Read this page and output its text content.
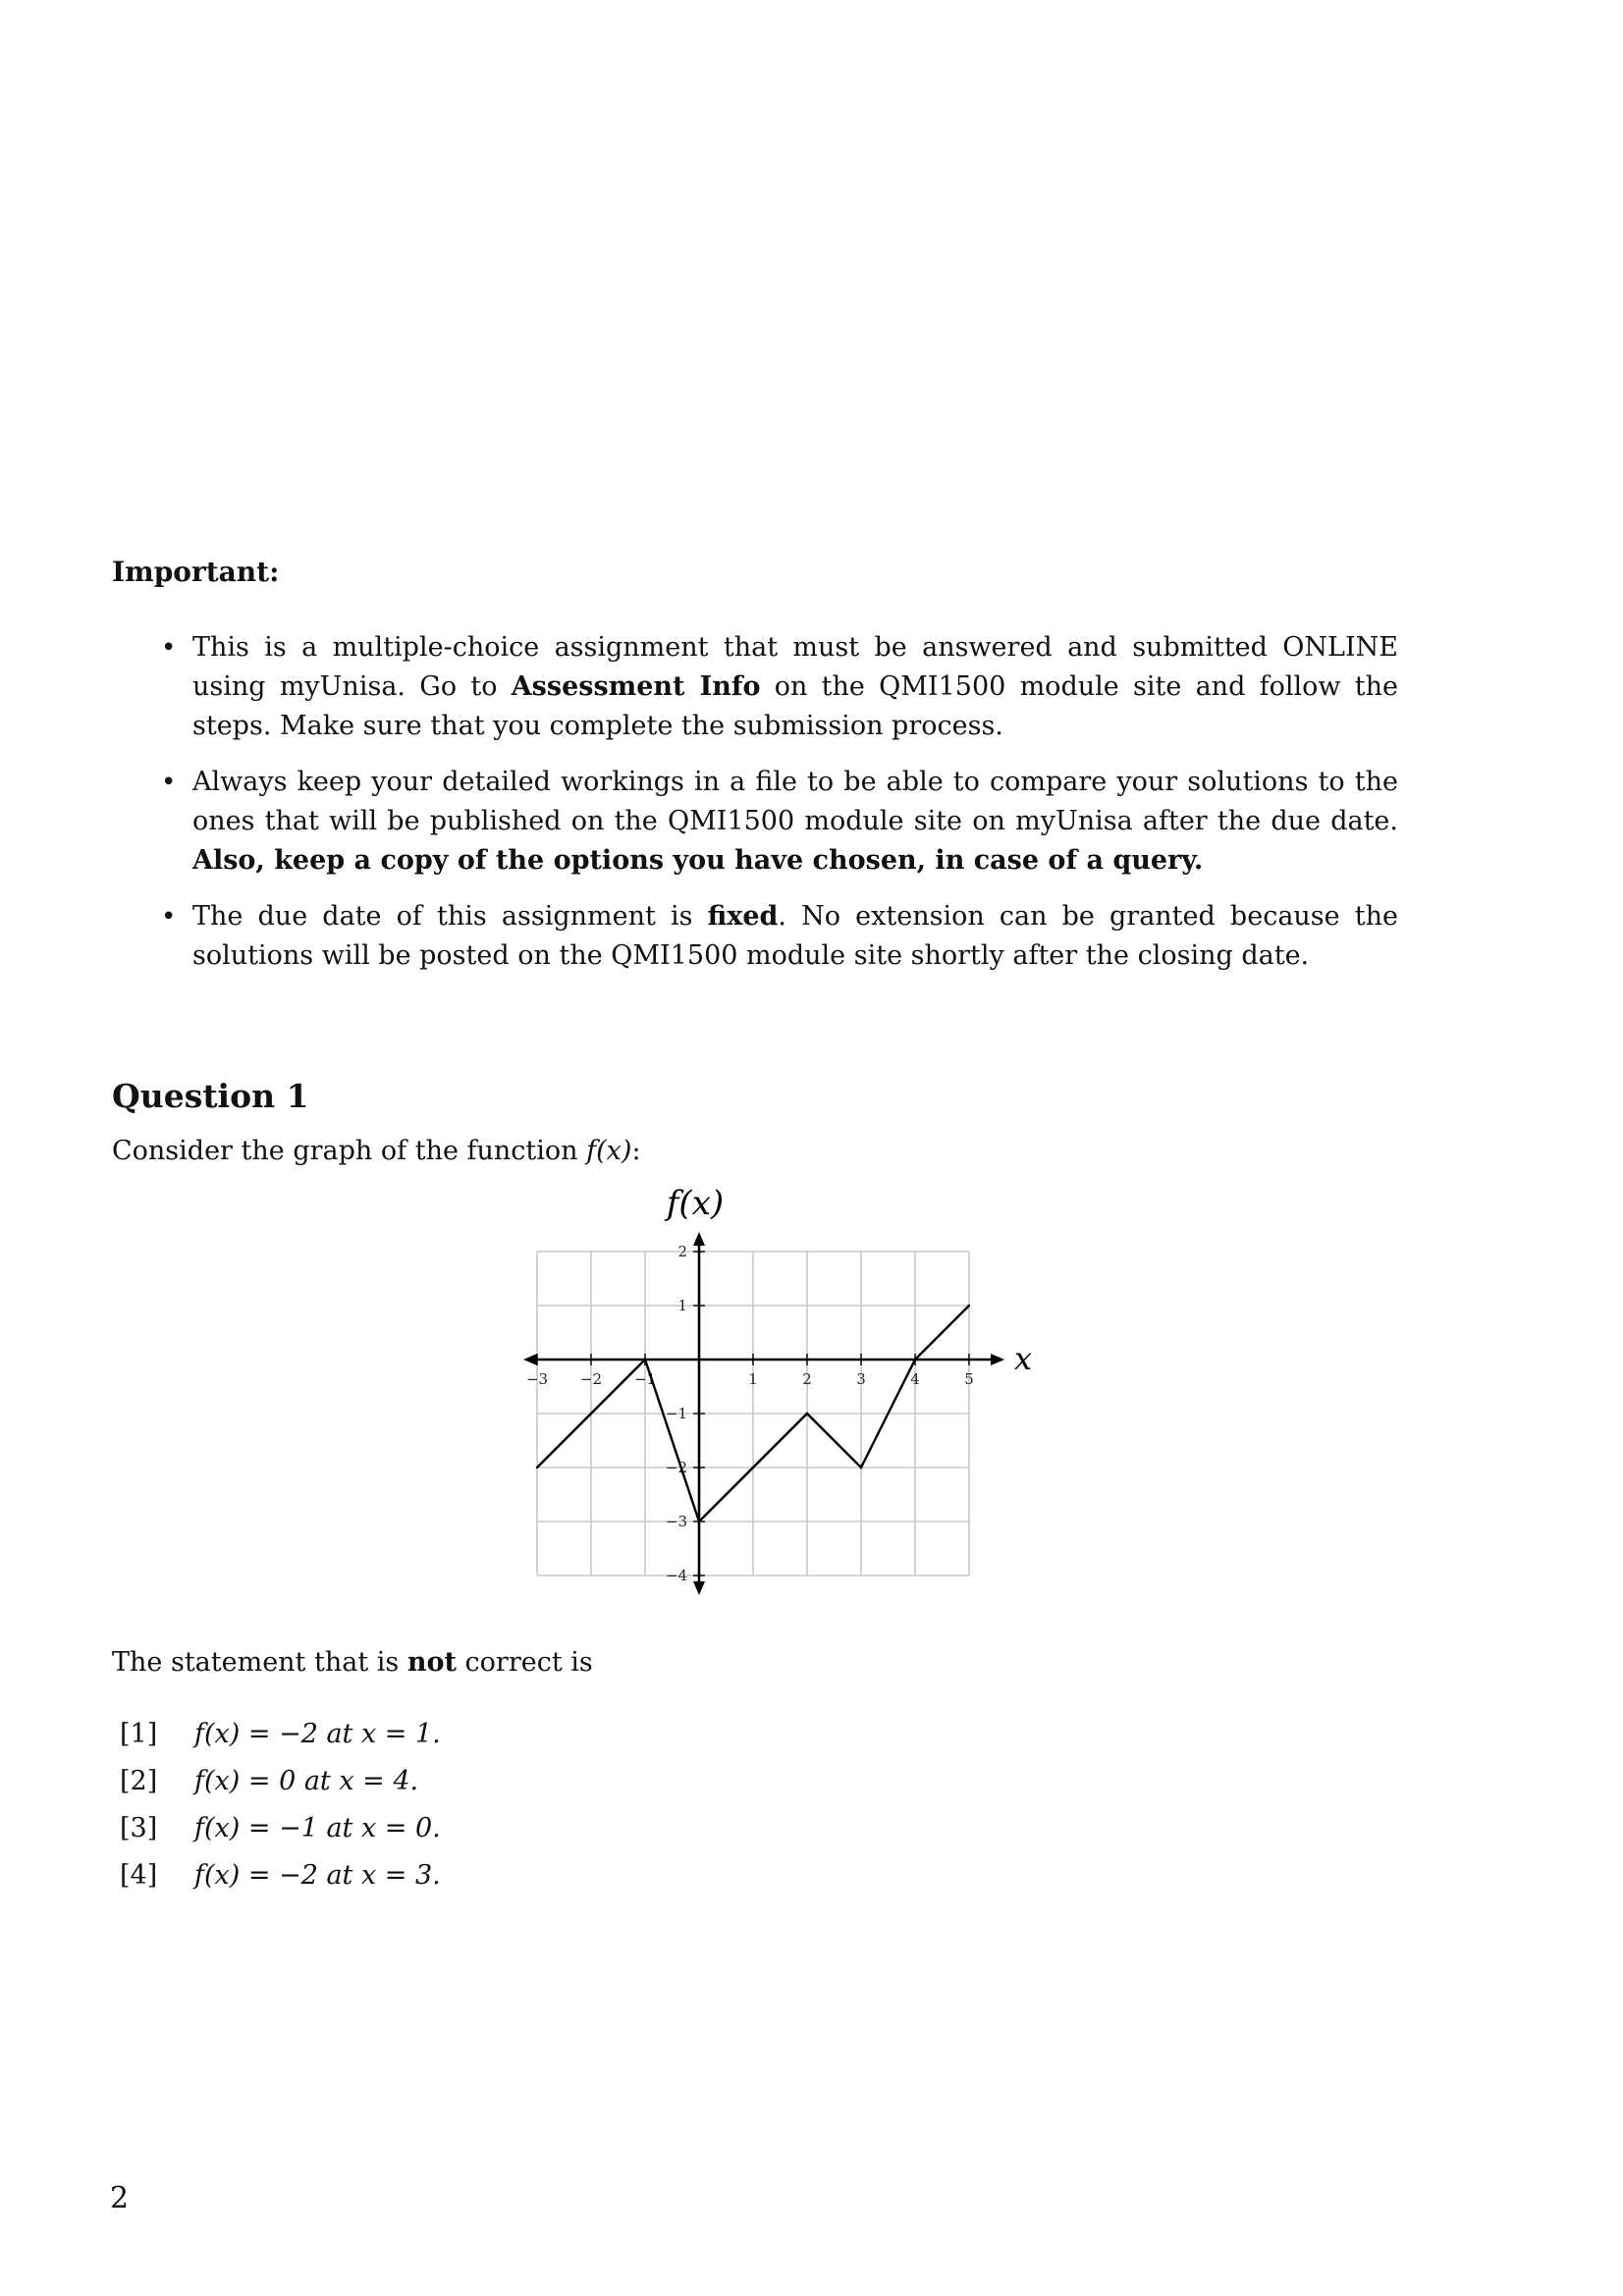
Important:
• This is a multiple-choice assignment that must be answered and submitted ONLINE using myUnisa. Go to Assessment Info on the QMI1500 module site and follow the steps. Make sure that you complete the submission process.
• Always keep your detailed workings in a file to be able to compare your solutions to the ones that will be published on the QMI1500 module site on myUnisa after the due date. Also, keep a copy of the options you have chosen, in case of a query.
• The due date of this assignment is fixed. No extension can be granted because the solutions will be posted on the QMI1500 module site shortly after the closing date.
Question 1
Consider the graph of the function f(x):
−3 −2 −1	1	2	3	4	5
2
1
−1
−2
−3
−4
f(x)
x
The statement that is not correct is
[1]	f(x) = −2 at x = 1.
[2]	f(x) = 0 at x = 4.
[3]	f(x) = −1 at x = 0.
[4]	f(x) = −2 at x = 3.
2
